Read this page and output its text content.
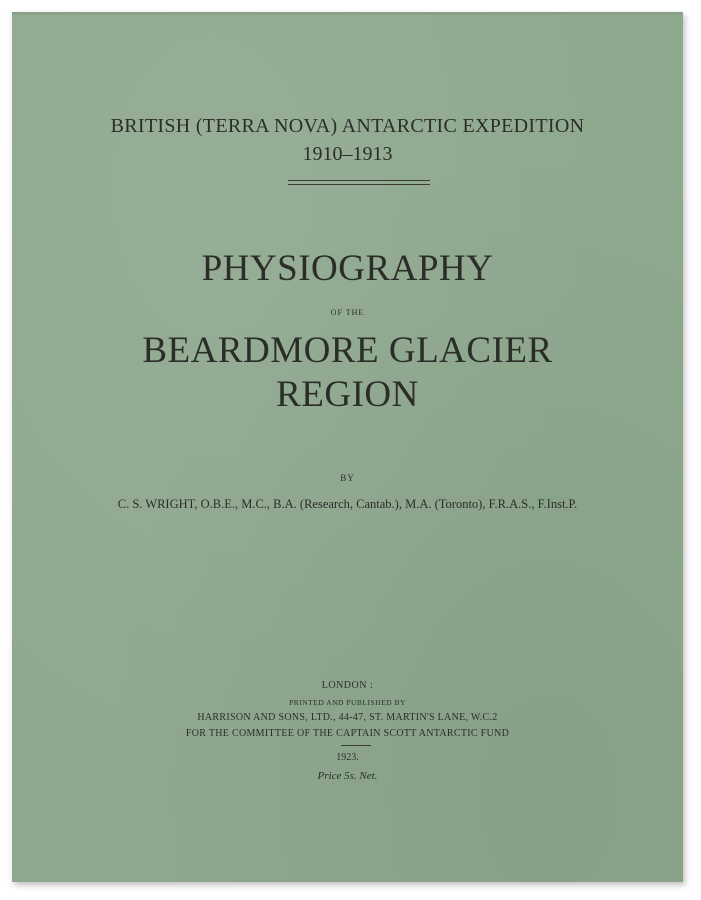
BRITISH (TERRA NOVA) ANTARCTIC EXPEDITION
1910–1913
PHYSIOGRAPHY
OF THE
BEARDMORE GLACIER
REGION
BY
C. S. WRIGHT, O.B.E., M.C., B.A. (Research, Cantab.), M.A. (Toronto), F.R.A.S., F.Inst.P.
LONDON :
PRINTED AND PUBLISHED BY
HARRISON AND SONS, LTD., 44-47, ST. MARTIN'S LANE, W.C.2
FOR THE COMMITTEE OF THE CAPTAIN SCOTT ANTARCTIC FUND
1923.
Price 5s. Net.
